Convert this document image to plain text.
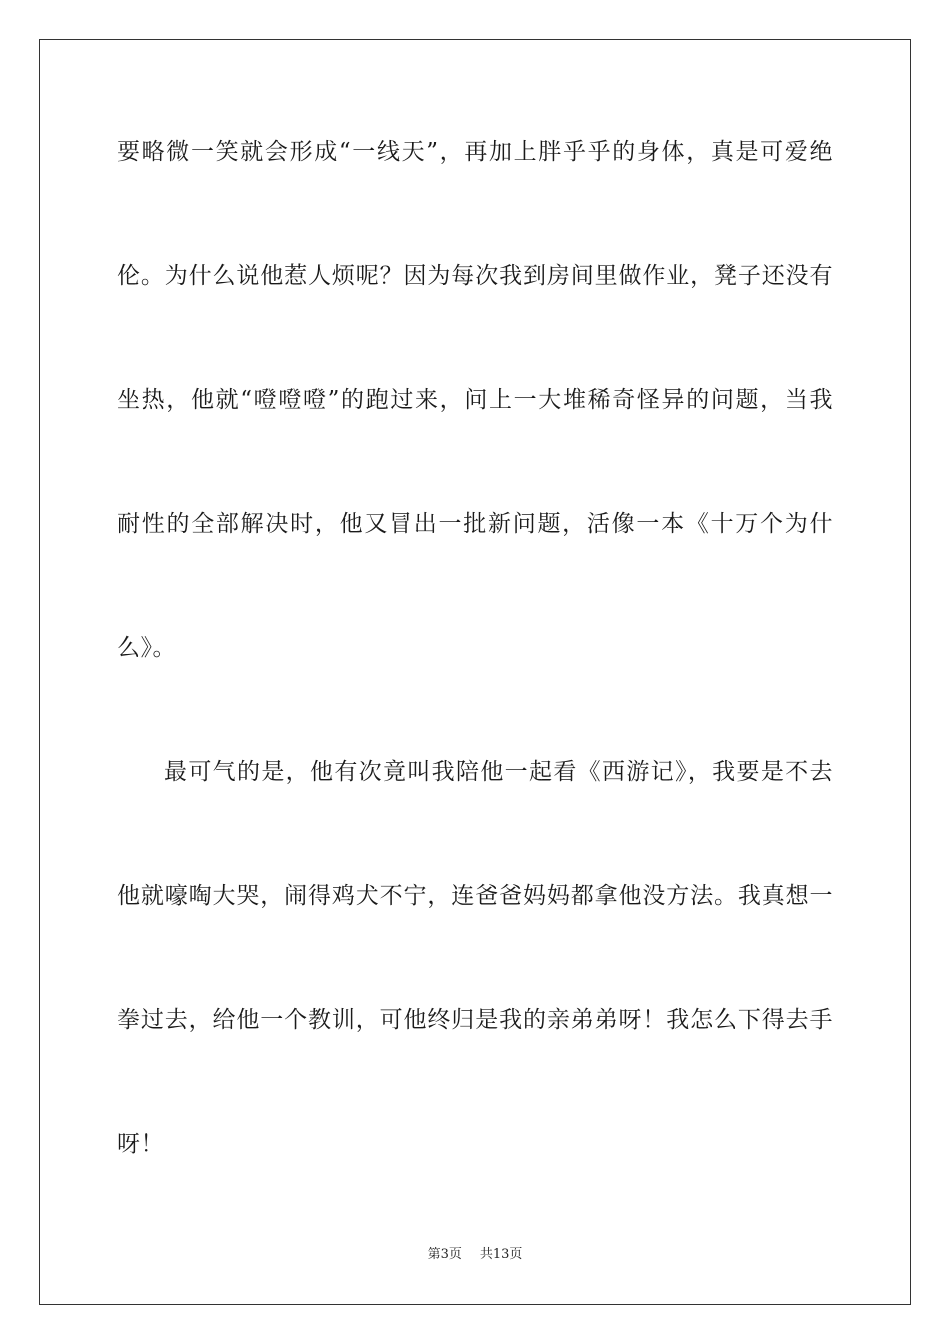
要略微一笑就会形成“一线天”，再加上胖乎乎的身体，真是可爱绝
伦。为什么说他惹人烦呢？因为每次我到房间里做作业，凳子还没有
坐热，他就“噔噔噔”的跑过来，问上一大堆稀奇怪异的问题，当我
耐性的全部解决时，他又冒出一批新问题，活像一本《十万个为什
么》。
最可气的是，他有次竟叫我陪他一起看《西游记》，我要是不去
他就嚎啕大哭，闹得鸡犬不宁，连爸爸妈妈都拿他没方法。我真想一
拳过去，给他一个教训，可他终归是我的亲弟弟呀！我怎么下得去手
呀！
第3页 共13页
